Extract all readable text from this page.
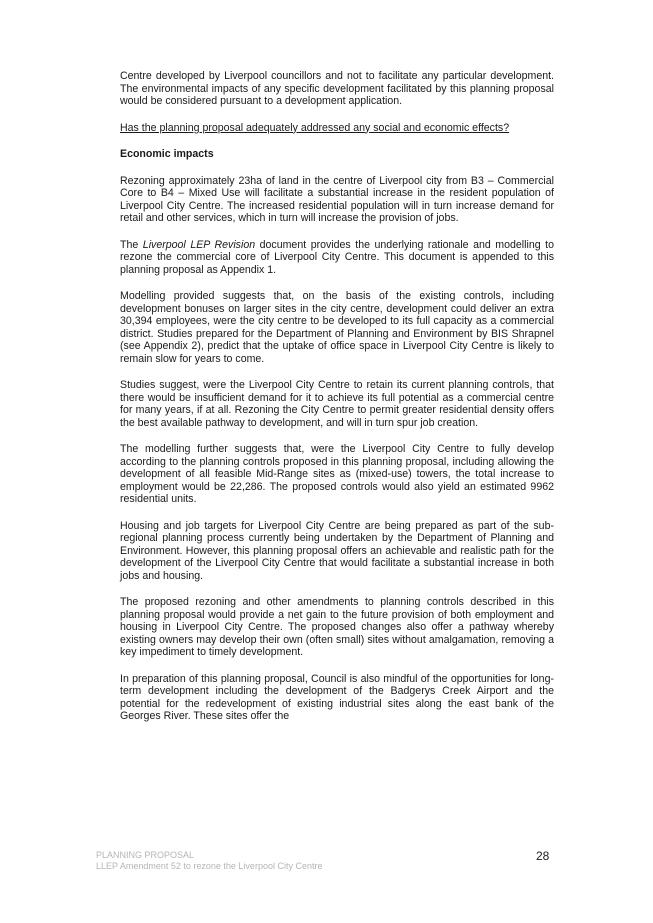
Centre developed by Liverpool councillors and not to facilitate any particular development. The environmental impacts of any specific development facilitated by this planning proposal would be considered pursuant to a development application.

Has the planning proposal adequately addressed any social and economic effects?

Economic impacts

Rezoning approximately 23ha of land in the centre of Liverpool city from B3 – Commercial Core to B4 – Mixed Use will facilitate a substantial increase in the resident population of Liverpool City Centre. The increased residential population will in turn increase demand for retail and other services, which in turn will increase the provision of jobs.

The Liverpool LEP Revision document provides the underlying rationale and modelling to rezone the commercial core of Liverpool City Centre. This document is appended to this planning proposal as Appendix 1.

Modelling provided suggests that, on the basis of the existing controls, including development bonuses on larger sites in the city centre, development could deliver an extra 30,394 employees, were the city centre to be developed to its full capacity as a commercial district. Studies prepared for the Department of Planning and Environment by BIS Shrapnel (see Appendix 2), predict that the uptake of office space in Liverpool City Centre is likely to remain slow for years to come.

Studies suggest, were the Liverpool City Centre to retain its current planning controls, that there would be insufficient demand for it to achieve its full potential as a commercial centre for many years, if at all. Rezoning the City Centre to permit greater residential density offers the best available pathway to development, and will in turn spur job creation.

The modelling further suggests that, were the Liverpool City Centre to fully develop according to the planning controls proposed in this planning proposal, including allowing the development of all feasible Mid-Range sites as (mixed-use) towers, the total increase to employment would be 22,286. The proposed controls would also yield an estimated 9962 residential units.

Housing and job targets for Liverpool City Centre are being prepared as part of the sub-regional planning process currently being undertaken by the Department of Planning and Environment. However, this planning proposal offers an achievable and realistic path for the development of the Liverpool City Centre that would facilitate a substantial increase in both jobs and housing.

The proposed rezoning and other amendments to planning controls described in this planning proposal would provide a net gain to the future provision of both employment and housing in Liverpool City Centre. The proposed changes also offer a pathway whereby existing owners may develop their own (often small) sites without amalgamation, removing a key impediment to timely development.

In preparation of this planning proposal, Council is also mindful of the opportunities for long-term development including the development of the Badgerys Creek Airport and the potential for the redevelopment of existing industrial sites along the east bank of the Georges River. These sites offer the

PLANNING PROPOSAL
LLEP Amendment 52 to rezone the Liverpool City Centre
28
